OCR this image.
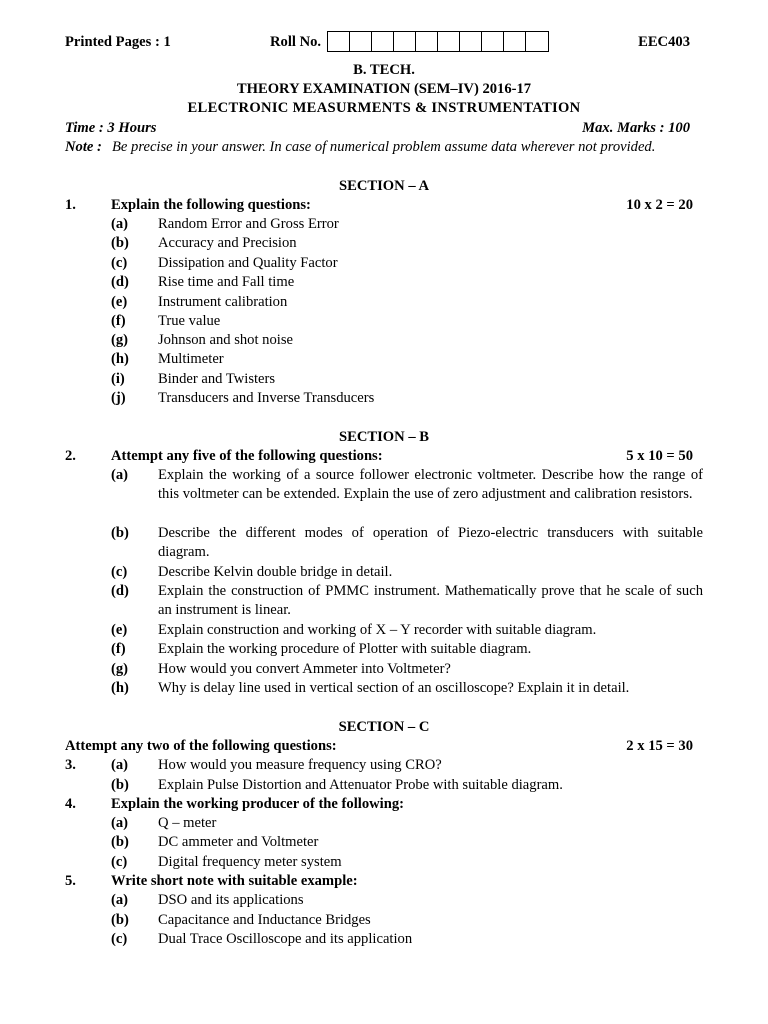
Printed Pages : 1	Roll No.	EEC403
B. TECH.
THEORY EXAMINATION (SEM–IV) 2016-17
ELECTRONIC MEASURMENTS & INSTRUMENTATION
Time : 3 Hours	Max. Marks : 100
Note : Be precise in your answer. In case of numerical problem assume data wherever not provided.
SECTION – A
1. Explain the following questions:	10 x 2 = 20
(a) Random Error and Gross Error
(b) Accuracy and Precision
(c) Dissipation and Quality Factor
(d) Rise time and Fall time
(e) Instrument calibration
(f) True value
(g) Johnson and shot noise
(h) Multimeter
(i) Binder and Twisters
(j) Transducers and Inverse Transducers
SECTION – B
2. Attempt any five of the following questions:	5 x 10 = 50
(a) Explain the working of a source follower electronic voltmeter. Describe how the range of this voltmeter can be extended. Explain the use of zero adjustment and calibration resistors.
(b) Describe the different modes of operation of Piezo-electric transducers with suitable diagram.
(c) Describe Kelvin double bridge in detail.
(d) Explain the construction of PMMC instrument. Mathematically prove that he scale of such an instrument is linear.
(e) Explain construction and working of X – Y recorder with suitable diagram.
(f) Explain the working procedure of Plotter with suitable diagram.
(g) How would you convert Ammeter into Voltmeter?
(h) Why is delay line used in vertical section of an oscilloscope? Explain it in detail.
SECTION – C
Attempt any two of the following questions:	2 x 15 = 30
3. (a) How would you measure frequency using CRO?
(b) Explain Pulse Distortion and Attenuator Probe with suitable diagram.
4. Explain the working producer of the following:
(a) Q – meter
(b) DC ammeter and Voltmeter
(c) Digital frequency meter system
5. Write short note with suitable example:
(a) DSO and its applications
(b) Capacitance and Inductance Bridges
(c) Dual Trace Oscilloscope and its application
